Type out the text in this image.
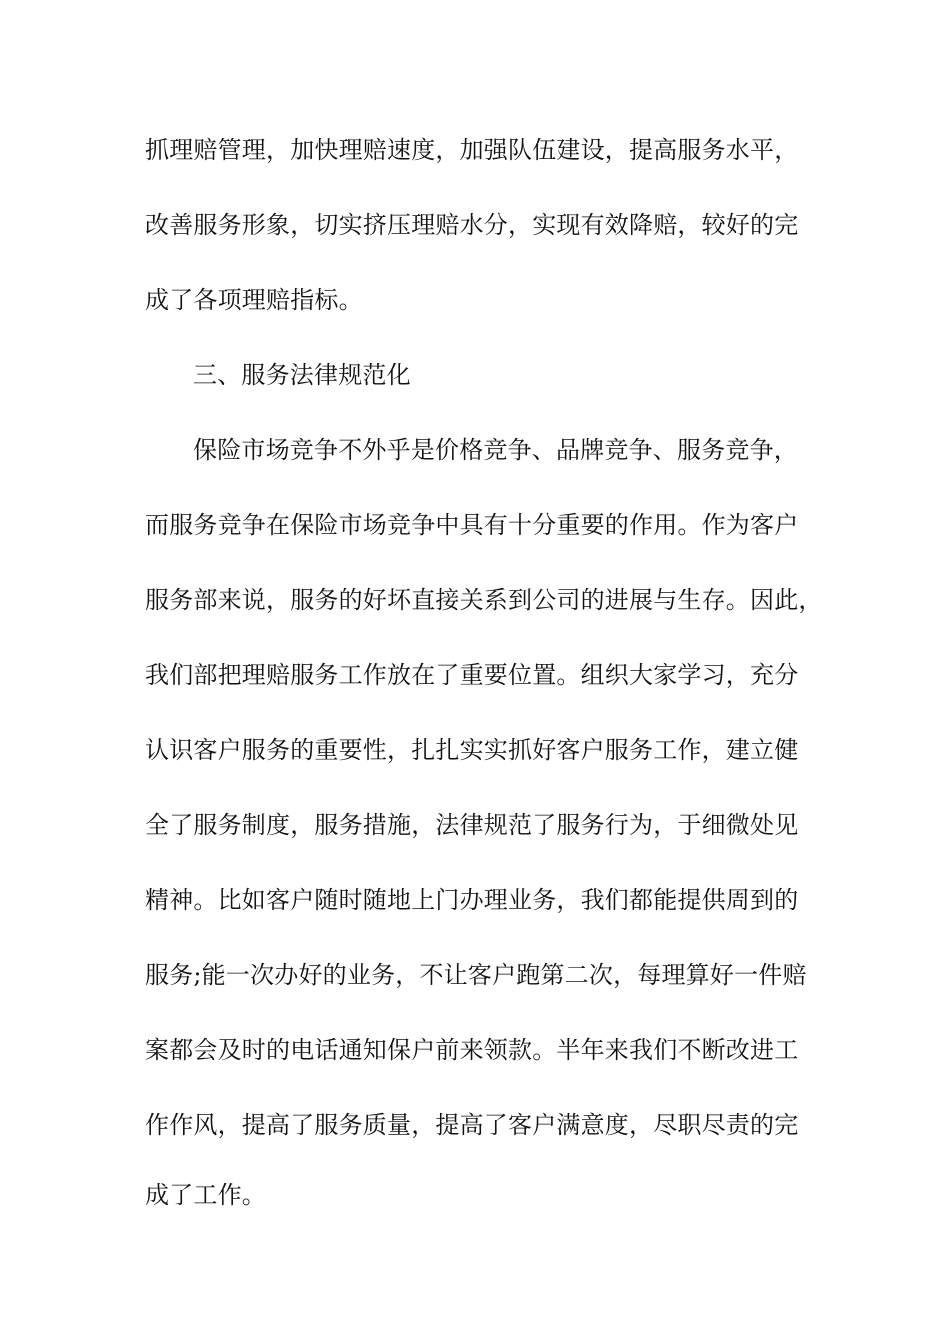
抓理赔管理，加快理赔速度，加强队伍建设，提高服务水平，
改善服务形象，切实挤压理赔水分，实现有效降赔，较好的完
成了各项理赔指标。
三、服务法律规范化
保险市场竞争不外乎是价格竞争、品牌竞争、服务竞争，
而服务竞争在保险市场竞争中具有十分重要的作用。作为客户
服务部来说，服务的好坏直接关系到公司的进展与生存。因此，
我们部把理赔服务工作放在了重要位置。组织大家学习，充分
认识客户服务的重要性，扎扎实实抓好客户服务工作，建立健
全了服务制度，服务措施，法律规范了服务行为，于细微处见
精神。比如客户随时随地上门办理业务，我们都能提供周到的
服务;能一次办好的业务，不让客户跑第二次，每理算好一件赔
案都会及时的电话通知保户前来领款。半年来我们不断改进工
作作风，提高了服务质量，提高了客户满意度，尽职尽责的完
成了工作。
